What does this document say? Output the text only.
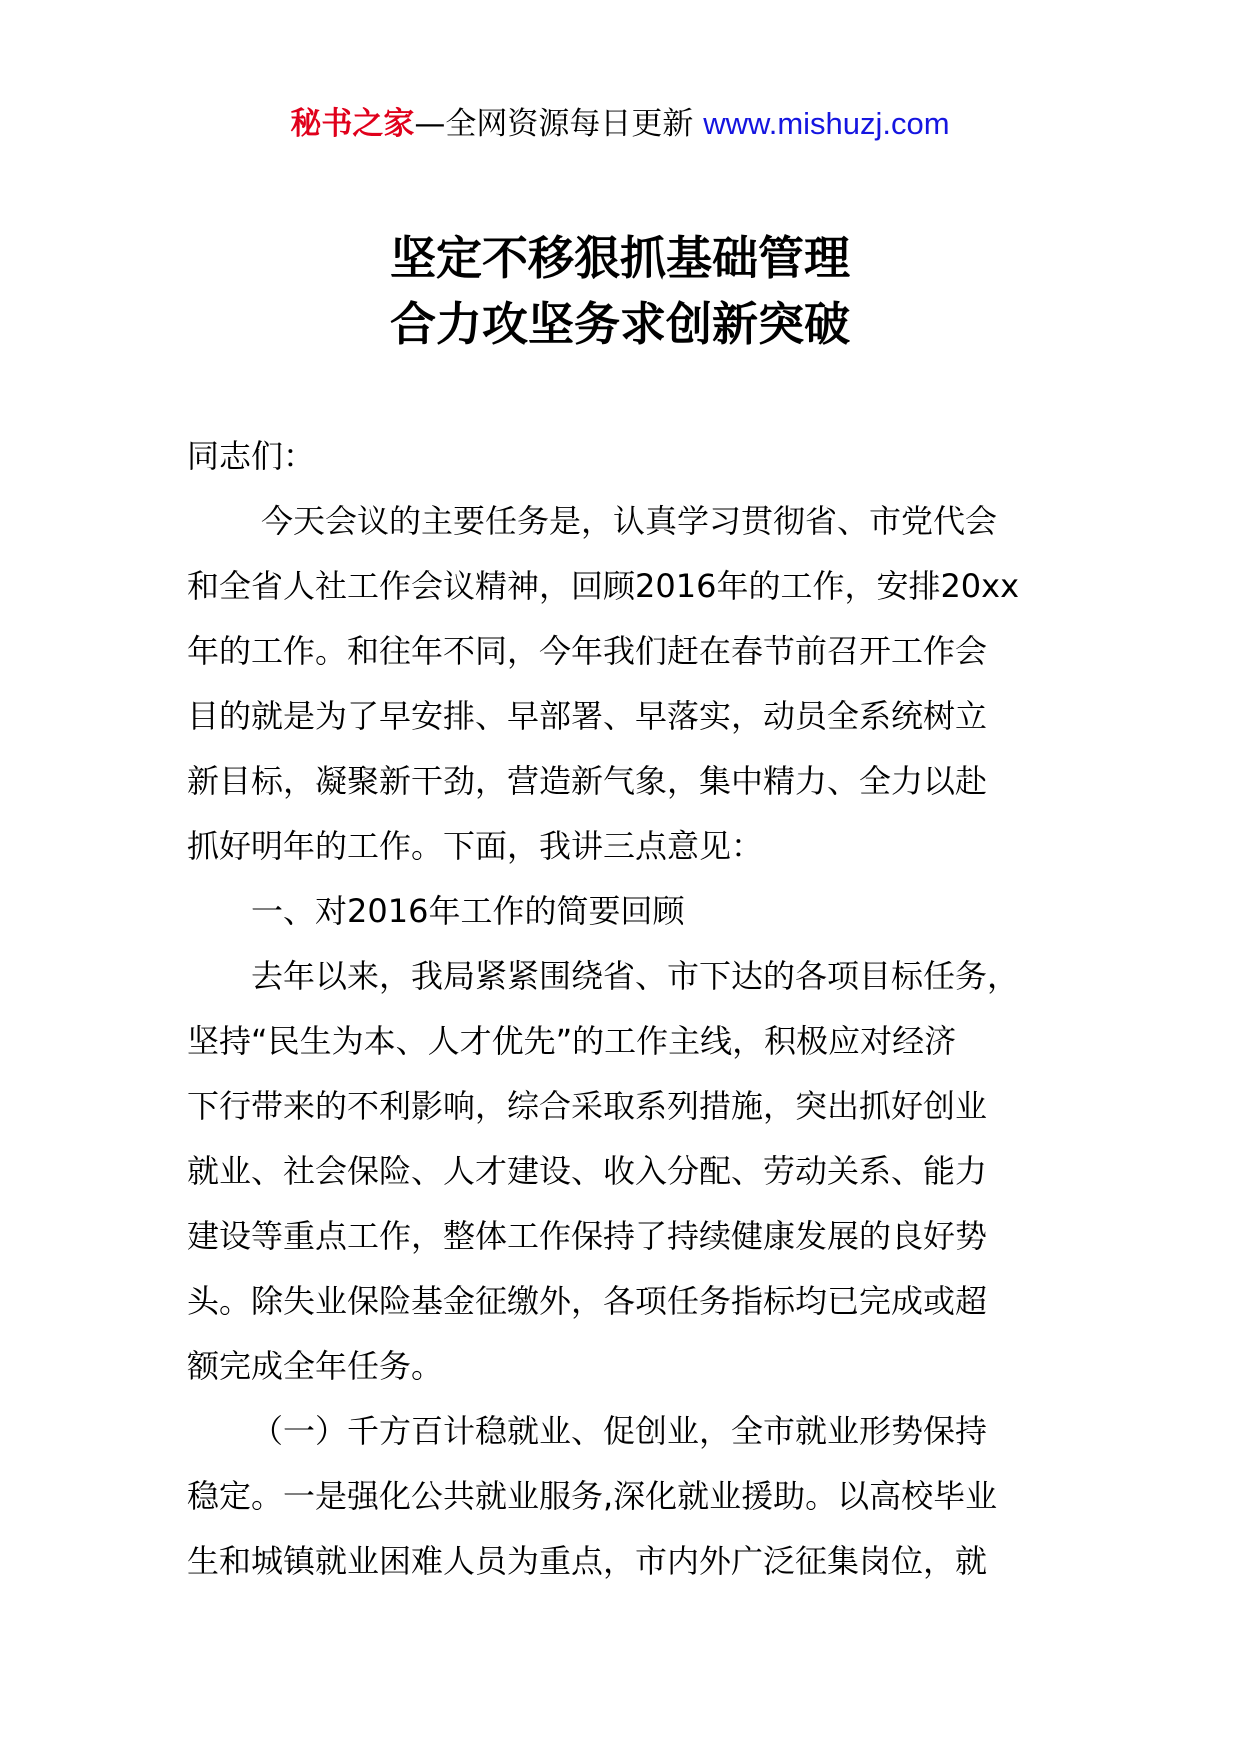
秘书之家—全网资源每日更新 www.mishuzj.com
坚定不移狠抓基础管理
合力攻坚务求创新突破
同志们：
今天会议的主要任务是，认真学习贯彻省、市党代会
和全省人社工作会议精神，回顾2016年的工作，安排20xx
年的工作。和往年不同，今年我们赶在春节前召开工作会
目的就是为了早安排、早部署、早落实，动员全系统树立
新目标，凝聚新干劲，营造新气象，集中精力、全力以赴
抓好明年的工作。下面，我讲三点意见：
一、对2016年工作的简要回顾
去年以来，我局紧紧围绕省、市下达的各项目标任务，
坚持“民生为本、人才优先”的工作主线，积极应对经济
下行带来的不利影响，综合采取系列措施，突出抓好创业
就业、社会保险、人才建设、收入分配、劳动关系、能力
建设等重点工作，整体工作保持了持续健康发展的良好势
头。除失业保险基金征缴外，各项任务指标均已完成或超
额完成全年任务。
（一）千方百计稳就业、促创业，全市就业形势保持
稳定。一是强化公共就业服务,深化就业援助。以高校毕业
生和城镇就业困难人员为重点，市内外广泛征集岗位，就
